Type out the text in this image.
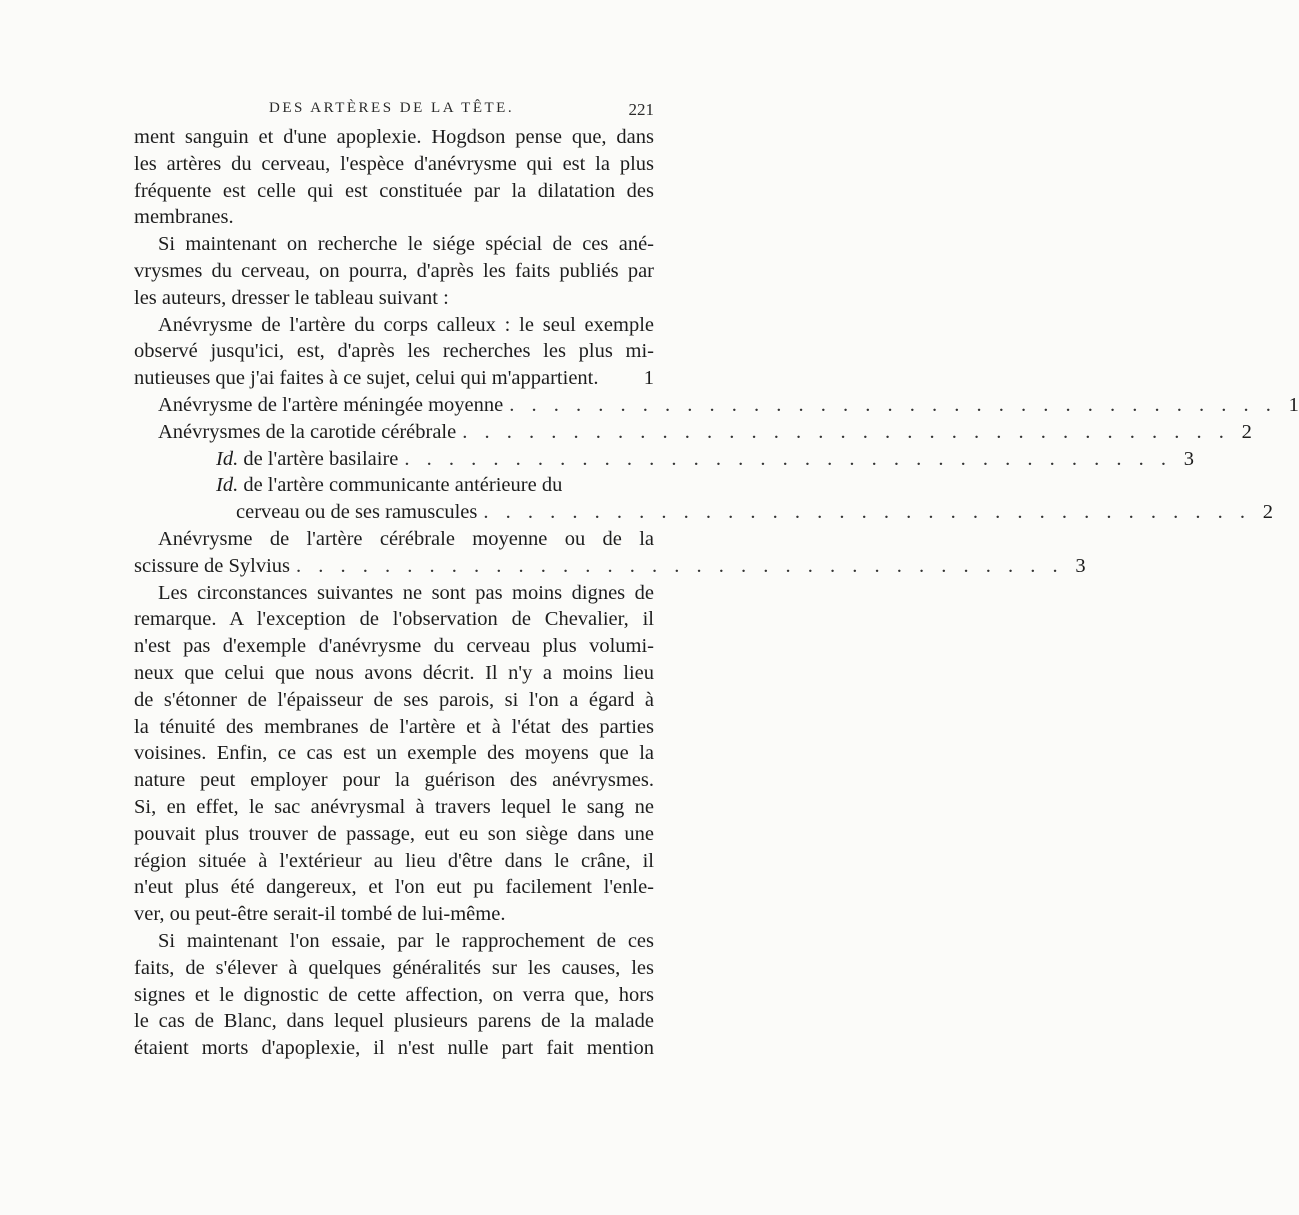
DES ARTÈRES DE LA TÊTE.	221
ment sanguin et d'une apoplexie. Hogdson pense que, dans
les artères du cerveau, l'espèce d'anévrysme qui est la plus
fréquente est celle qui est constituée par la dilatation des
membranes.
Si maintenant on recherche le siége spécial de ces ané-
vrysmes du cerveau, on pourra, d'après les faits publiés par
les auteurs, dresser le tableau suivant :
Anévrysme de l'artère du corps calleux : le seul exemple
observé jusqu'ici, est, d'après les recherches les plus mi-
nutieuses que j'ai faites à ce sujet, celui qui m'appartient. 1
Anévrysme de l'artère méningée moyenne . . . . . . . . . . . . . . . . . . . . . . . . . . . . . . . . . . . 1
Anévrysmes de la carotide cérébrale . . . . . . . . . . . . . . . . . . . . . . . . . . . . . . . . . . . 2
Id. de l'artère basilaire . . . . . . . . . . . . . . . . . . . . . . . . . . . . . . . . . . . 3
Id. de l'artère communicante antérieure du
cerveau ou de ses ramuscules . . . . . . . . . . . . . . . . . . . . . . . . . . . . . . . . . . . 2
Anévrysme de l'artère cérébrale moyenne ou de la
scissure de Sylvius . . . . . . . . . . . . . . . . . . . . . . . . . . . . . . . . . . . 3
Les circonstances suivantes ne sont pas moins dignes de
remarque. A l'exception de l'observation de Chevalier, il
n'est pas d'exemple d'anévrysme du cerveau plus volumi-
neux que celui que nous avons décrit. Il n'y a moins lieu
de s'étonner de l'épaisseur de ses parois, si l'on a égard à
la ténuité des membranes de l'artère et à l'état des parties
voisines. Enfin, ce cas est un exemple des moyens que la
nature peut employer pour la guérison des anévrysmes.
Si, en effet, le sac anévrysmal à travers lequel le sang ne
pouvait plus trouver de passage, eut eu son siège dans une
région située à l'extérieur au lieu d'être dans le crâne, il
n'eut plus été dangereux, et l'on eut pu facilement l'enle-
ver, ou peut-être serait-il tombé de lui-même.
Si maintenant l'on essaie, par le rapprochement de ces
faits, de s'élever à quelques généralités sur les causes, les
signes et le dignostic de cette affection, on verra que, hors
le cas de Blanc, dans lequel plusieurs parens de la malade
étaient morts d'apoplexie, il n'est nulle part fait mention
